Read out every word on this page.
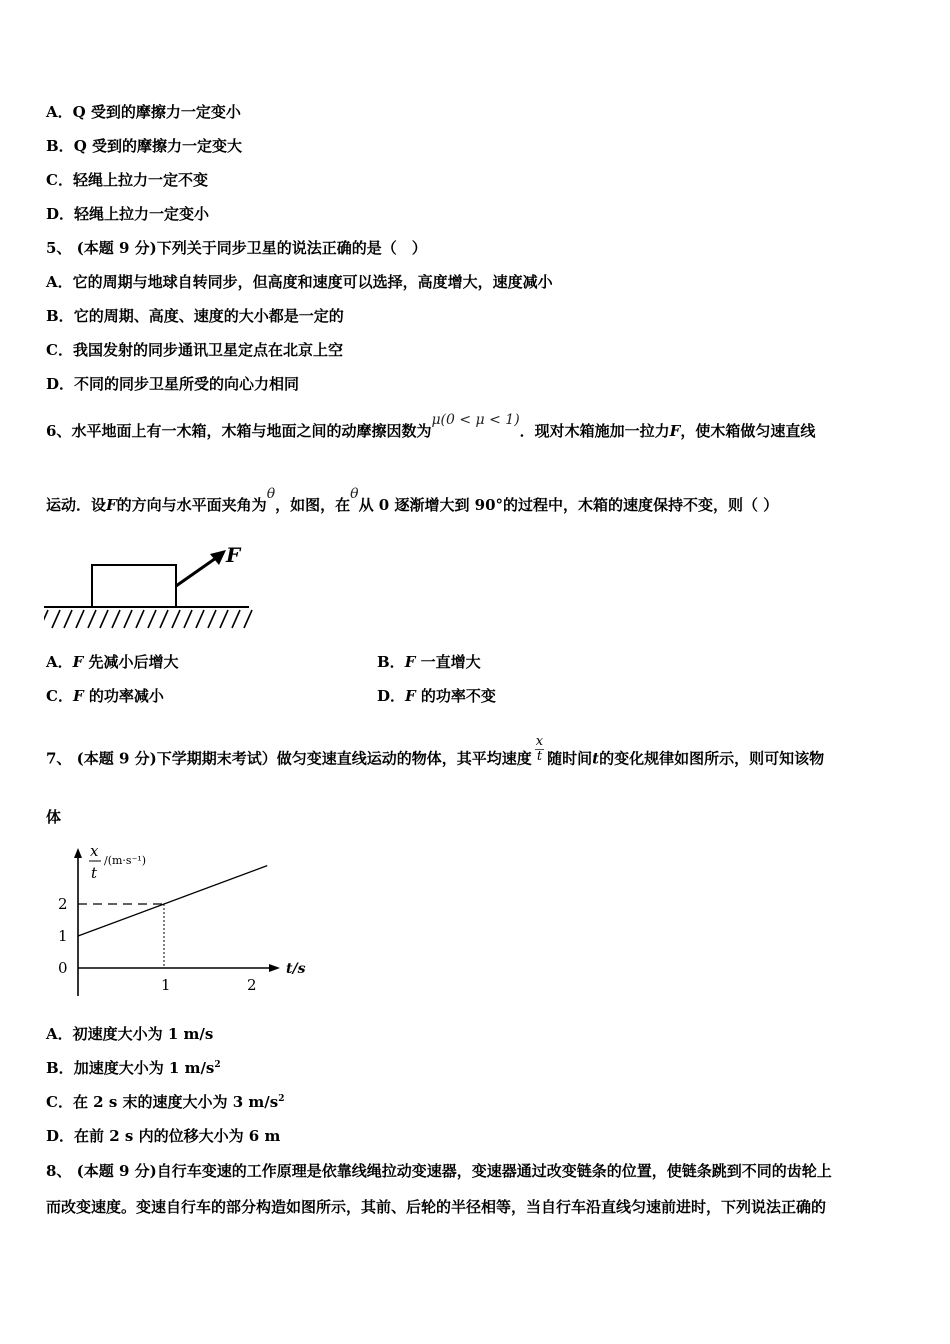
A．Q 受到的摩擦力一定变小
B．Q 受到的摩擦力一定变大
C．轻绳上拉力一定不变
D．轻绳上拉力一定变小
5、 (本题 9 分)下列关于同步卫星的说法正确的是（　）
A．它的周期与地球自转同步，但高度和速度可以选择，高度增大，速度减小
B．它的周期、高度、速度的大小都是一定的
C．我国发射的同步通讯卫星定点在北京上空
D．不同的同步卫星所受的向心力相同
6、水平地面上有一木箱，木箱与地面之间的动摩擦因数为μ(0 < μ < 1)．现对木箱施加一拉力F，使木箱做匀速直线
运动．设F的方向与水平面夹角为θ，如图，在θ从 0 逐渐增大到 90°的过程中，木箱的速度保持不变，则（ ）
F
A．F 先减小后增大	B．F 一直增大
C．F 的功率减小	D．F 的功率不变
7、 (本题 9 分)下学期期末考试）做匀变速直线运动的物体，其平均速度 $\frac{x}{t}$ 随时间t的变化规律如图所示，则可知该物
体
0
1
2
1	2
t/s
x
t
/(m·s⁻¹)
A．初速度大小为 1 m/s
B．加速度大小为 1 $m/s^2$
C．在 2 s 末的速度大小为 3 $m/s^2$
D．在前 2 s 内的位移大小为 6 m
8、 (本题 9 分)自行车变速的工作原理是依靠线绳拉动变速器，变速器通过改变链条的位置，使链条跳到不同的齿轮上
而改变速度。变速自行车的部分构造如图所示，其前、后轮的半径相等，当自行车沿直线匀速前进时，下列说法正确的
